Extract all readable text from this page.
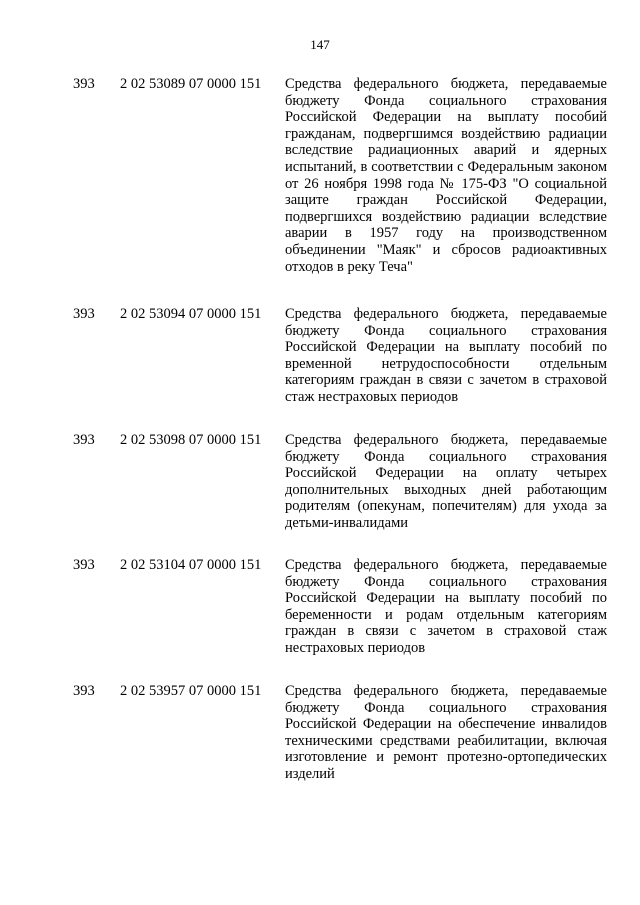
147
393 2 02 53089 07 0000 151 Средства федерального бюджета, передаваемые бюджету Фонда социального страхования Российской Федерации на выплату пособий гражданам, подвергшимся воздействию радиации вследствие радиационных аварий и ядерных испытаний, в соответствии с Федеральным законом от 26 ноября 1998 года № 175-ФЗ "О социальной защите граждан Российской Федерации, подвергшихся воздействию радиации вследствие аварии в 1957 году на производственном объединении "Маяк" и сбросов радиоактивных отходов в реку Теча"
393 2 02 53094 07 0000 151 Средства федерального бюджета, передаваемые бюджету Фонда социального страхования Российской Федерации на выплату пособий по временной нетрудоспособности отдельным категориям граждан в связи с зачетом в страховой стаж нестраховых периодов
393 2 02 53098 07 0000 151 Средства федерального бюджета, передаваемые бюджету Фонда социального страхования Российской Федерации на оплату четырех дополнительных выходных дней работающим родителям (опекунам, попечителям) для ухода за детьми-инвалидами
393 2 02 53104 07 0000 151 Средства федерального бюджета, передаваемые бюджету Фонда социального страхования Российской Федерации на выплату пособий по беременности и родам отдельным категориям граждан в связи с зачетом в страховой стаж нестраховых периодов
393 2 02 53957 07 0000 151 Средства федерального бюджета, передаваемые бюджету Фонда социального страхования Российской Федерации на обеспечение инвалидов техническими средствами реабилитации, включая изготовление и ремонт протезно-ортопедических изделий
